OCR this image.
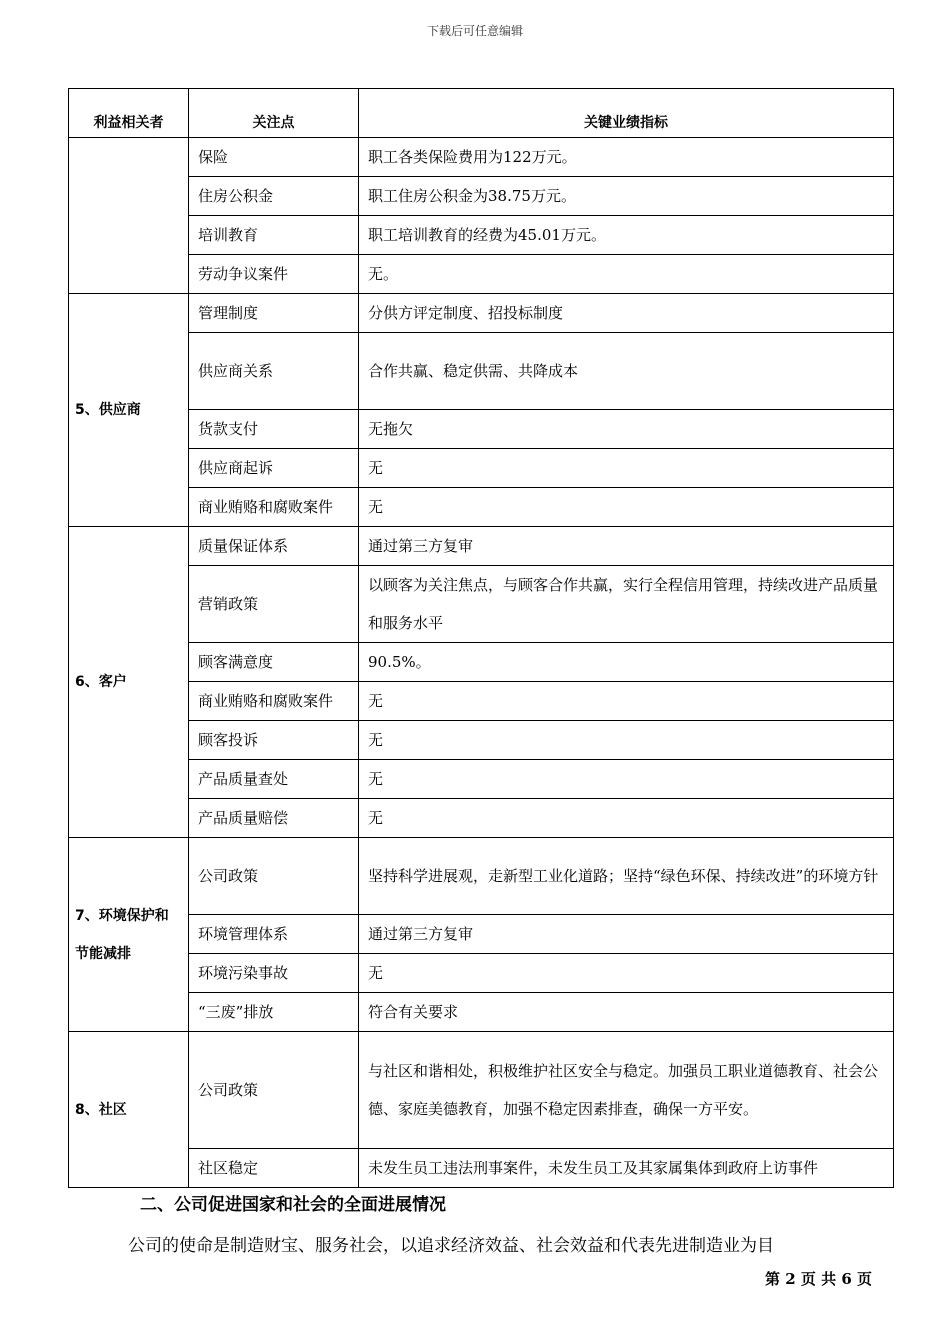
下载后可任意编辑
利益相关者	关注点	关键业绩指标
	保险	职工各类保险费用为122万元。
	住房公积金	职工住房公积金为38.75万元。
	培训教育	职工培训教育的经费为45.01万元。
	劳动争议案件	无。
5、供应商	管理制度	分供方评定制度、招投标制度
	供应商关系	合作共赢、稳定供需、共降成本
	货款支付	无拖欠
	供应商起诉	无
	商业贿赂和腐败案件	无
6、客户	质量保证体系	通过第三方复审
	营销政策	以顾客为关注焦点，与顾客合作共赢，实行全程信用管理，持续改进产品质量和服务水平
	顾客满意度	90.5%。
	商业贿赂和腐败案件	无
	顾客投诉	无
	产品质量查处	无
	产品质量赔偿	无
7、环境保护和节能减排	公司政策	坚持科学进展观，走新型工业化道路；坚持“绿色环保、持续改进”的环境方针
	环境管理体系	通过第三方复审
	环境污染事故	无
	“三废”排放	符合有关要求
8、社区	公司政策	与社区和谐相处，积极维护社区安全与稳定。加强员工职业道德教育、社会公德、家庭美德教育，加强不稳定因素排查，确保一方平安。
	社区稳定	未发生员工违法刑事案件，未发生员工及其家属集体到政府上访事件
二、公司促进国家和社会的全面进展情况
公司的使命是制造财宝、服务社会，以追求经济效益、社会效益和代表先进制造业为目
第 2 页 共 6 页
